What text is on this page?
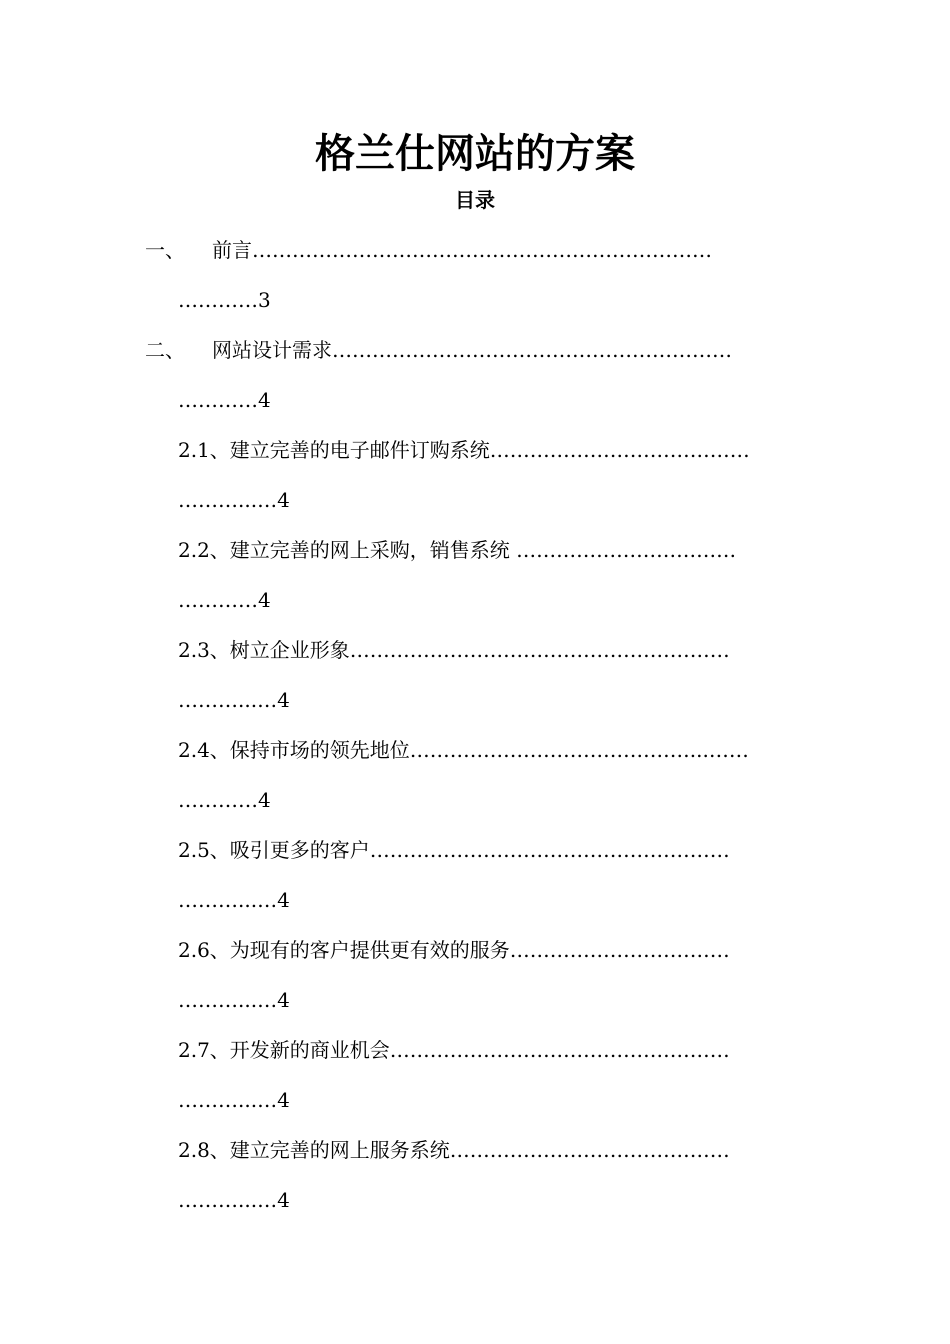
格兰仕网站的方案
目录
一、 前言……………………………………………………………
…………3
二、 网站设计需求……………………………………………………
…………4
2.1、建立完善的电子邮件订购系统…………………………………
………...…4
2.2、建立完善的网上采购，销售系统 ……………………………
…………4
2.3、树立企业形象…………………………………………………
………...…4
2.4、保持市场的领先地位……………………………………...……
…………4
2.5、吸引更多的客户………………………………………………
………...…4
2.6、为现有的客户提供更有效的服务……………………………
………...…4
2.7、开发新的商业机会……………………………………………
………...…4
2.8、建立完善的网上服务系统……………………………………
………...…4
